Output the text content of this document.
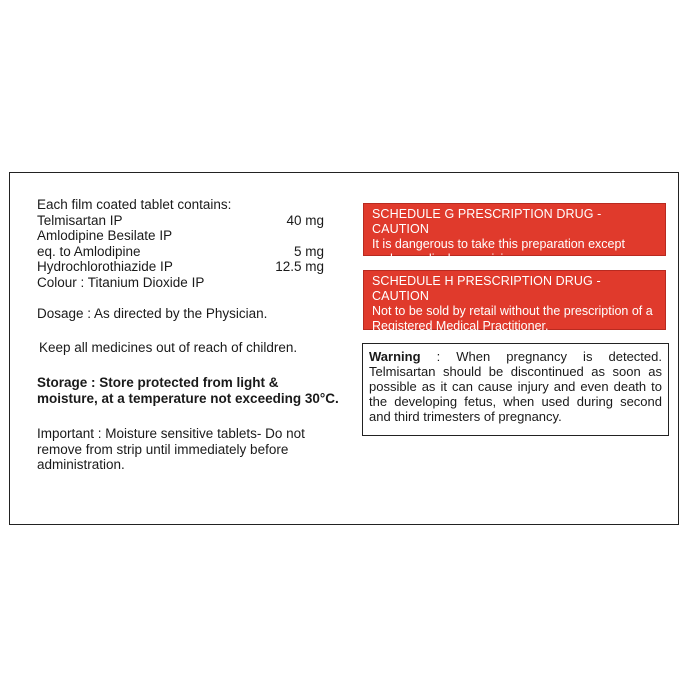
Each film coated tablet contains:
Telmisartan IP	40 mg
Amlodipine Besilate IP
eq. to Amlodipine	5 mg
Hydrochlorothiazide IP	12.5 mg
Colour : Titanium Dioxide IP
Dosage : As directed by the Physician.
Keep all medicines out of reach of children.
Storage : Store protected from light & moisture, at a temperature not exceeding 30°C.
Important : Moisture sensitive tablets- Do not remove from strip until immediately before administration.
SCHEDULE G PRESCRIPTION DRUG - CAUTION
It is dangerous to take this preparation except under medical supervision.
SCHEDULE H PRESCRIPTION DRUG - CAUTION
Not to be sold by retail without the prescription of a Registered Medical Practitioner.
Warning : When pregnancy is detected. Telmisartan should be discontinued as soon as possible as it can cause injury and even death to the developing fetus, when used during second and third trimesters of pregnancy.
